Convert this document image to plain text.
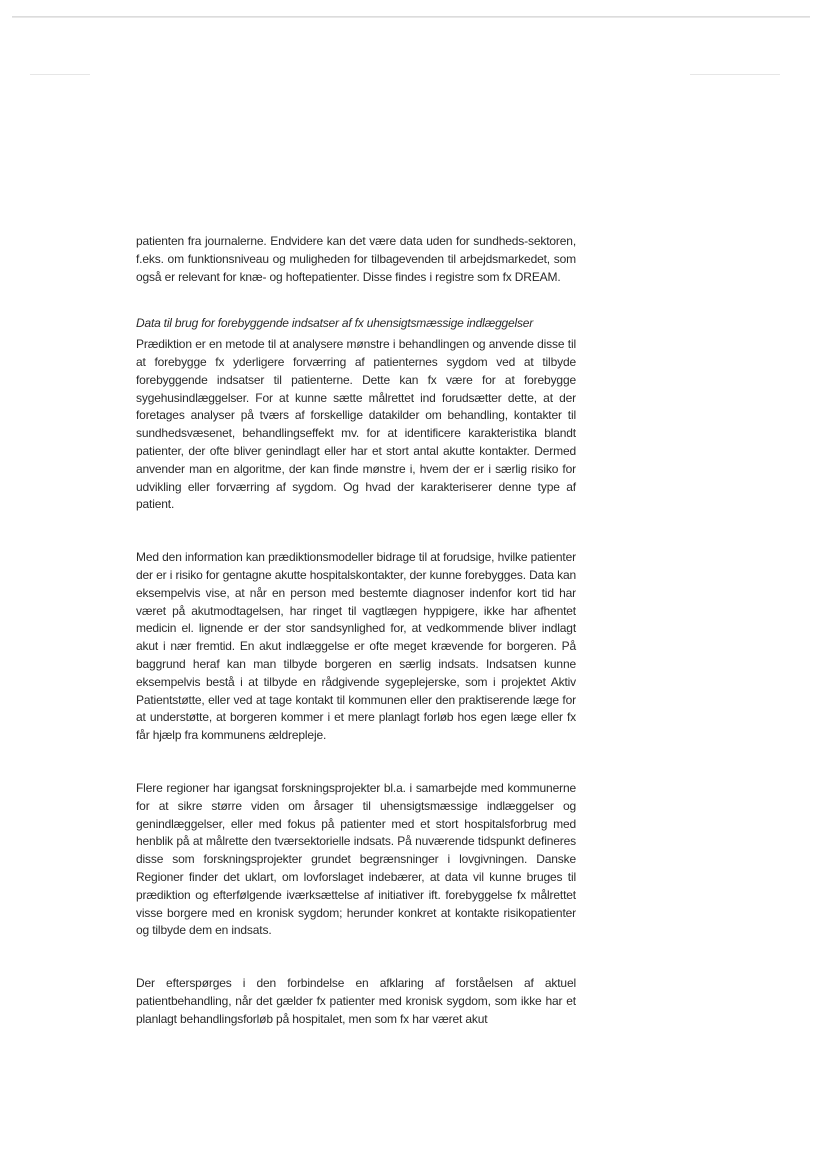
patienten fra journalerne. Endvidere kan det være data uden for sundheds-sektoren, f.eks. om funktionsniveau og muligheden for tilbagevenden til arbejdsmarkedet, som også er relevant for knæ- og hoftepatienter. Disse findes i registre som fx DREAM.

Data til brug for forebyggende indsatser af fx uhensigtsmæssige indlæggelser

Prædiktion er en metode til at analysere mønstre i behandlingen og anvende disse til at forebygge fx yderligere forværring af patienternes sygdom ved at tilbyde forebyggende indsatser til patienterne. Dette kan fx være for at forebygge sygehusindlæggelser. For at kunne sætte målrettet ind forudsætter dette, at der foretages analyser på tværs af forskellige datakilder om behandling, kontakter til sundhedsvæsenet, behandlingseffekt mv. for at identificere karakteristika blandt patienter, der ofte bliver genindlagt eller har et stort antal akutte kontakter. Dermed anvender man en algoritme, der kan finde mønstre i, hvem der er i særlig risiko for udvikling eller forværring af sygdom. Og hvad der karakteriserer denne type af patient.

Med den information kan prædiktionsmodeller bidrage til at forudsige, hvilke patienter der er i risiko for gentagne akutte hospitalskontakter, der kunne forebygges. Data kan eksempelvis vise, at når en person med bestemte diagnoser indenfor kort tid har været på akutmodtagelsen, har ringet til vagtlægen hyppigere, ikke har afhentet medicin el. lignende er der stor sandsynlighed for, at vedkommende bliver indlagt akut i nær fremtid. En akut indlæggelse er ofte meget krævende for borgeren. På baggrund heraf kan man tilbyde borgeren en særlig indsats. Indsatsen kunne eksempelvis bestå i at tilbyde en rådgivende sygeplejerske, som i projektet Aktiv Patientstøtte, eller ved at tage kontakt til kommunen eller den praktiserende læge for at understøtte, at borgeren kommer i et mere planlagt forløb hos egen læge eller fx får hjælp fra kommunens ældrepleje.

Flere regioner har igangsat forskningsprojekter bl.a. i samarbejde med kommunerne for at sikre større viden om årsager til uhensigtsmæssige indlæggelser og genindlæggelser, eller med fokus på patienter med et stort hospitalsforbrug med henblik på at målrette den tværsektorielle indsats. På nuværende tidspunkt defineres disse som forskningsprojekter grundet begrænsninger i lovgivningen. Danske Regioner finder det uklart, om lovforslaget indebærer, at data vil kunne bruges til prædiktion og efterfølgende iværksættelse af initiativer ift. forebyggelse fx målrettet visse borgere med en kronisk sygdom; herunder konkret at kontakte risikopatienter og tilbyde dem en indsats.

Der efterspørges i den forbindelse en afklaring af forståelsen af aktuel patientbehandling, når det gælder fx patienter med kronisk sygdom, som ikke har et planlagt behandlingsforløb på hospitalet, men som fx har været akut
